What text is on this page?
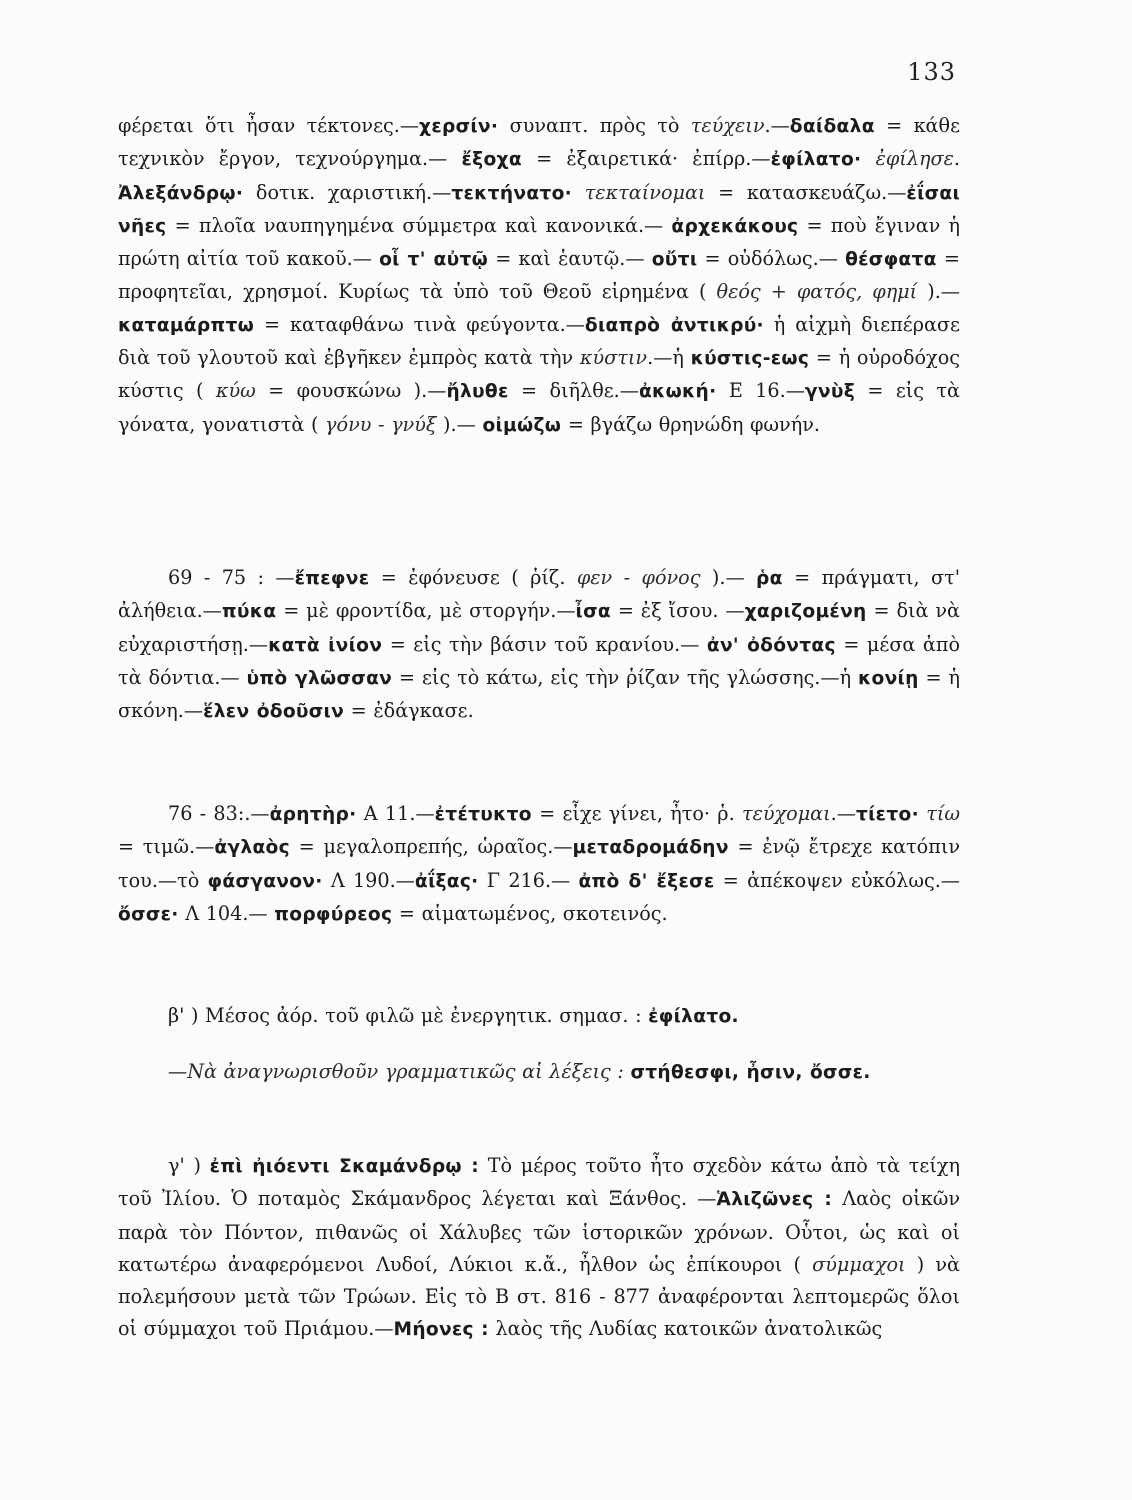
133

φέρεται ὅτι ἦσαν τέκτονες.—χερσίν· συναπτ. πρὸς τὸ τεύχειν.—δαίδαλα = κάθε τεχνικὸν ἔργον, τεχνούργημα.— ἔξοχα = ἐξαιρετικά· ἐπίρρ.—ἐφίλατο· ἐφίλησε. Ἀλεξάνδρῳ· δοτικ. χαριστική.—τεκτήνατο· τεκταίνομαι = κατασκευάζω.—ἐΐσαι νῆες = πλοῖα ναυπηγημένα σύμμετρα καὶ κανονικά.— ἀρχεκάκους = ποὺ ἔγιναν ἡ πρώτη αἰτία τοῦ κακοῦ.— οἷ τ' αὐτῷ = καὶ ἑαυτῷ.— οὔτι = οὐδόλως.— θέσφατα = προφητεῖαι, χρησμοί. Κυρίως τὰ ὑπὸ τοῦ Θεοῦ εἰρημένα ( θεός + φατός, φημί ).—καταμάρπτω = καταφθάνω τινὰ φεύγοντα.—διαπρὸ ἀντικρύ· ἡ αἰχμὴ διεπέρασε διὰ τοῦ γλουτοῦ καὶ ἐβγῆκεν ἐμπρὸς κατὰ τὴν κύστιν.—ἡ κύστις-εως = ἡ οὐροδόχος κύστις ( κύω = φουσκώνω ).—ἤλυθε = διῆλθε.—ἀκωκή· Ε 16.—γνὺξ = εἰς τὰ γόνατα, γονατιστὰ ( γόνυ - γνύξ ).— οἰμώζω = βγάζω θρηνώδη φωνήν.

69 - 75 : —ἔπεφνε = ἐφόνευσε ( ῥίζ. φεν - φόνος ).— ῥα = πράγματι, στ' ἀλήθεια.—πύκα = μὲ φροντίδα, μὲ στοργήν.—ἶσα = ἐξ ἴσου. —χαριζομένη = διὰ νὰ εὐχαριστήσῃ.—κατὰ ἰνίον = εἰς τὴν βάσιν τοῦ κρανίου.— ἀν' ὀδόντας = μέσα ἀπὸ τὰ δόντια.— ὑπὸ γλῶσσαν = εἰς τὸ κάτω, εἰς τὴν ῥίζαν τῆς γλώσσης.—ἡ κονίῃ = ἡ σκόνη.—ἕλεν ὀδοῦσιν = ἐδάγκασε.

76 - 83:.—ἀρητὴρ· Α 11.—ἐτέτυκτο = εἶχε γίνει, ἦτο· ῥ. τεύχομαι.—τίετο· τίω = τιμῶ.—ἀγλαὸς = μεγαλοπρεπής, ὡραῖος.—μεταδρομάδην = ἐνῷ ἔτρεχε κατόπιν του.—τὸ φάσγανον· Λ 190.—ἀΐξας· Γ 216.— ἀπὸ δ' ἔξεσε = ἀπέκοψεν εὐκόλως.—ὄσσε· Λ 104.— πορφύρεος = αἱματωμένος, σκοτεινός.

β' ) Μέσος ἀόρ. τοῦ φιλῶ μὲ ἐνεργητικ. σημασ. : ἐφίλατο.

—Νὰ ἀναγνωρισθοῦν γραμματικῶς αἱ λέξεις : στήθεσφι, ἦσιν, ὄσσε.

γ' ) ἐπὶ ἠιόεντι Σκαμάνδρῳ : Τὸ μέρος τοῦτο ἦτο σχεδὸν κάτω ἀπὸ τὰ τείχη τοῦ Ἰλίου. Ὁ ποταμὸς Σκάμανδρος λέγεται καὶ Ξάνθος. —Ἁλιζῶνες : Λαὸς οἰκῶν παρὰ τὸν Πόντον, πιθανῶς οἱ Χάλυβες τῶν ἱστορικῶν χρόνων. Οὗτοι, ὡς καὶ οἱ κατωτέρω ἀναφερόμενοι Λυδοί, Λύκιοι κ.ἄ., ἦλθον ὡς ἐπίκουροι ( σύμμαχοι ) νὰ πολεμήσουν μετὰ τῶν Τρώων. Εἰς τὸ Β στ. 816 - 877 ἀναφέρονται λεπτομερῶς ὅλοι οἱ σύμμαχοι τοῦ Πριάμου.—Μήονες : λαὸς τῆς Λυδίας κατοικῶν ἀνατολικῶς
